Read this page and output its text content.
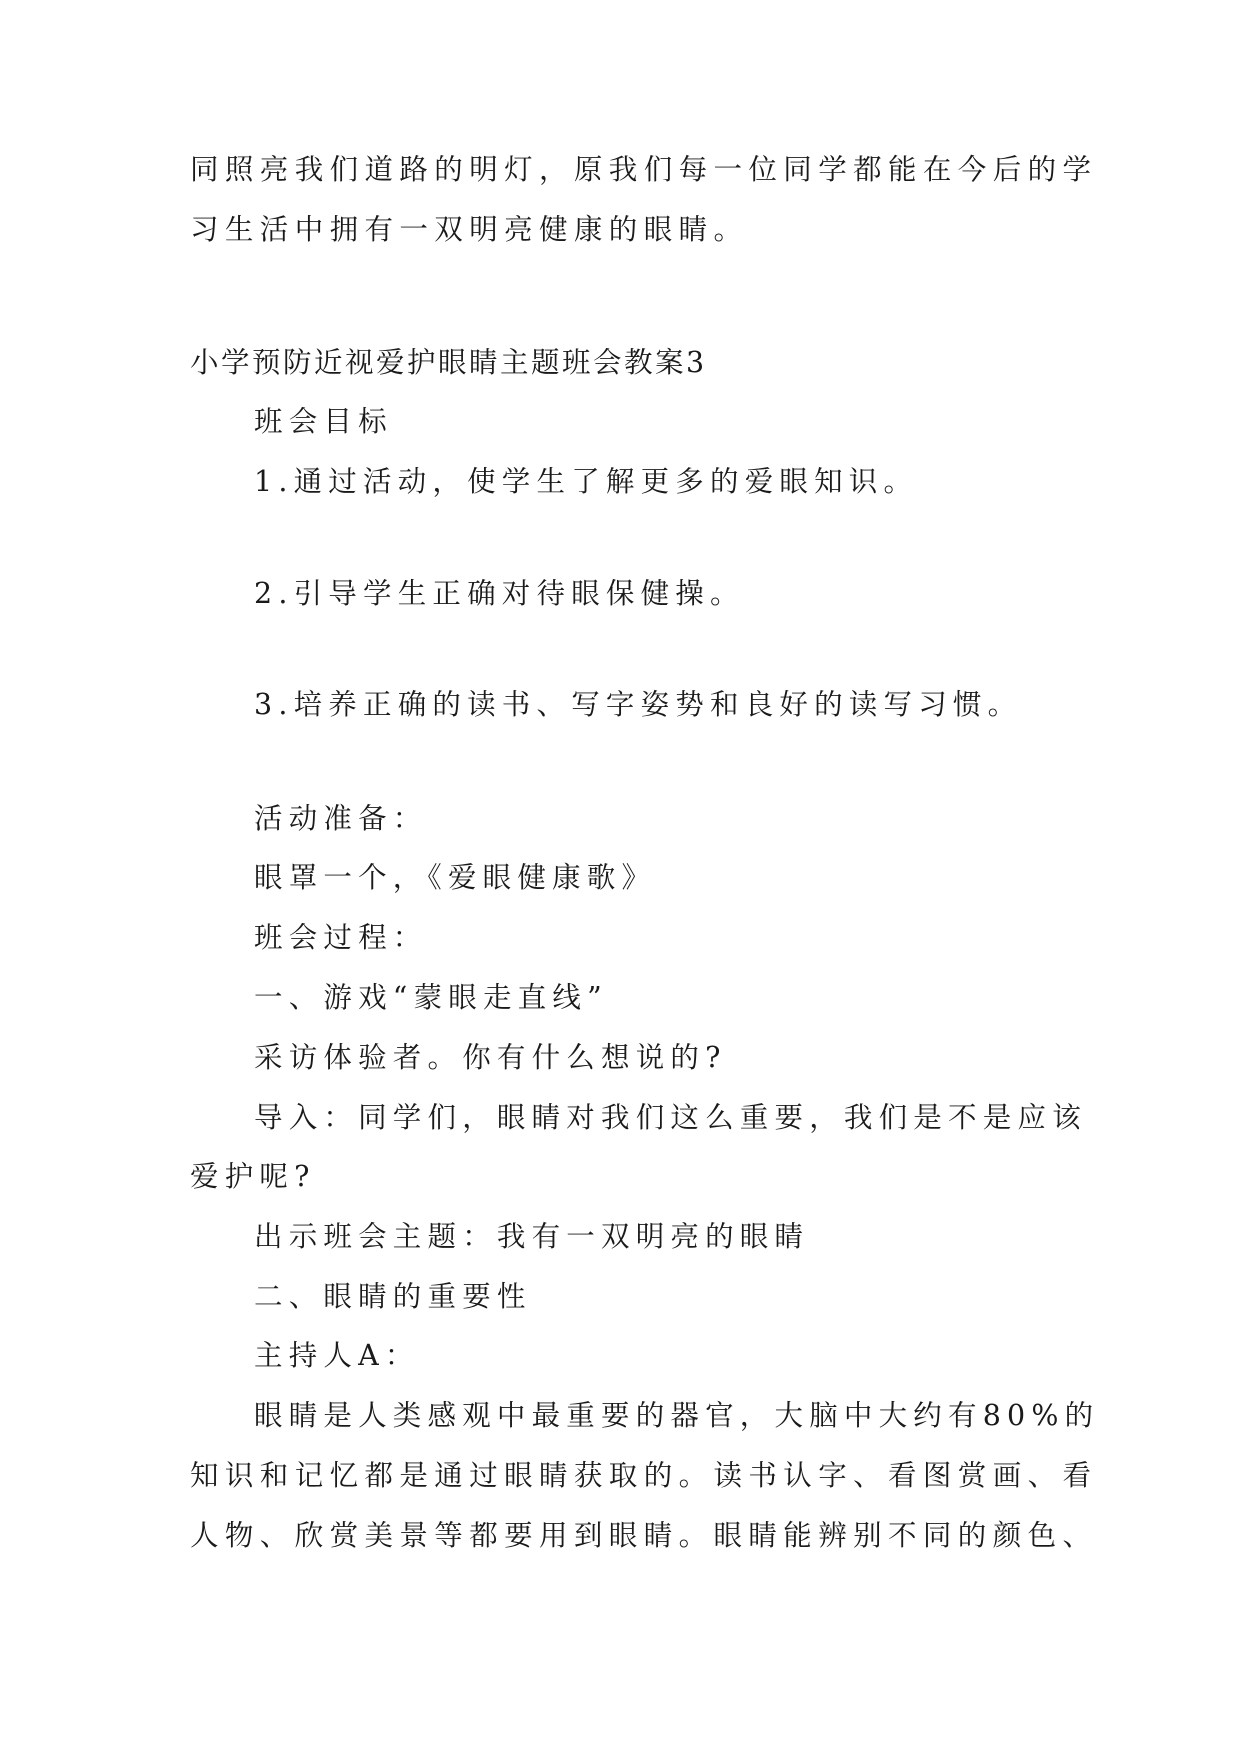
同照亮我们道路的明灯，原我们每一位同学都能在今后的学
习生活中拥有一双明亮健康的眼睛。
小学预防近视爱护眼睛主题班会教案3
班会目标
1.通过活动，使学生了解更多的爱眼知识。
2.引导学生正确对待眼保健操。
3.培养正确的读书、写字姿势和良好的读写习惯。
活动准备：
眼罩一个，《爱眼健康歌》
班会过程：
一、游戏“蒙眼走直线”
采访体验者。你有什么想说的?
导入：同学们，眼睛对我们这么重要，我们是不是应该
爱护呢?
出示班会主题：我有一双明亮的眼睛
二、眼睛的重要性
主持人A：
眼睛是人类感观中最重要的器官，大脑中大约有80%的
知识和记忆都是通过眼睛获取的。读书认字、看图赏画、看
人物、欣赏美景等都要用到眼睛。眼睛能辨别不同的颜色、
